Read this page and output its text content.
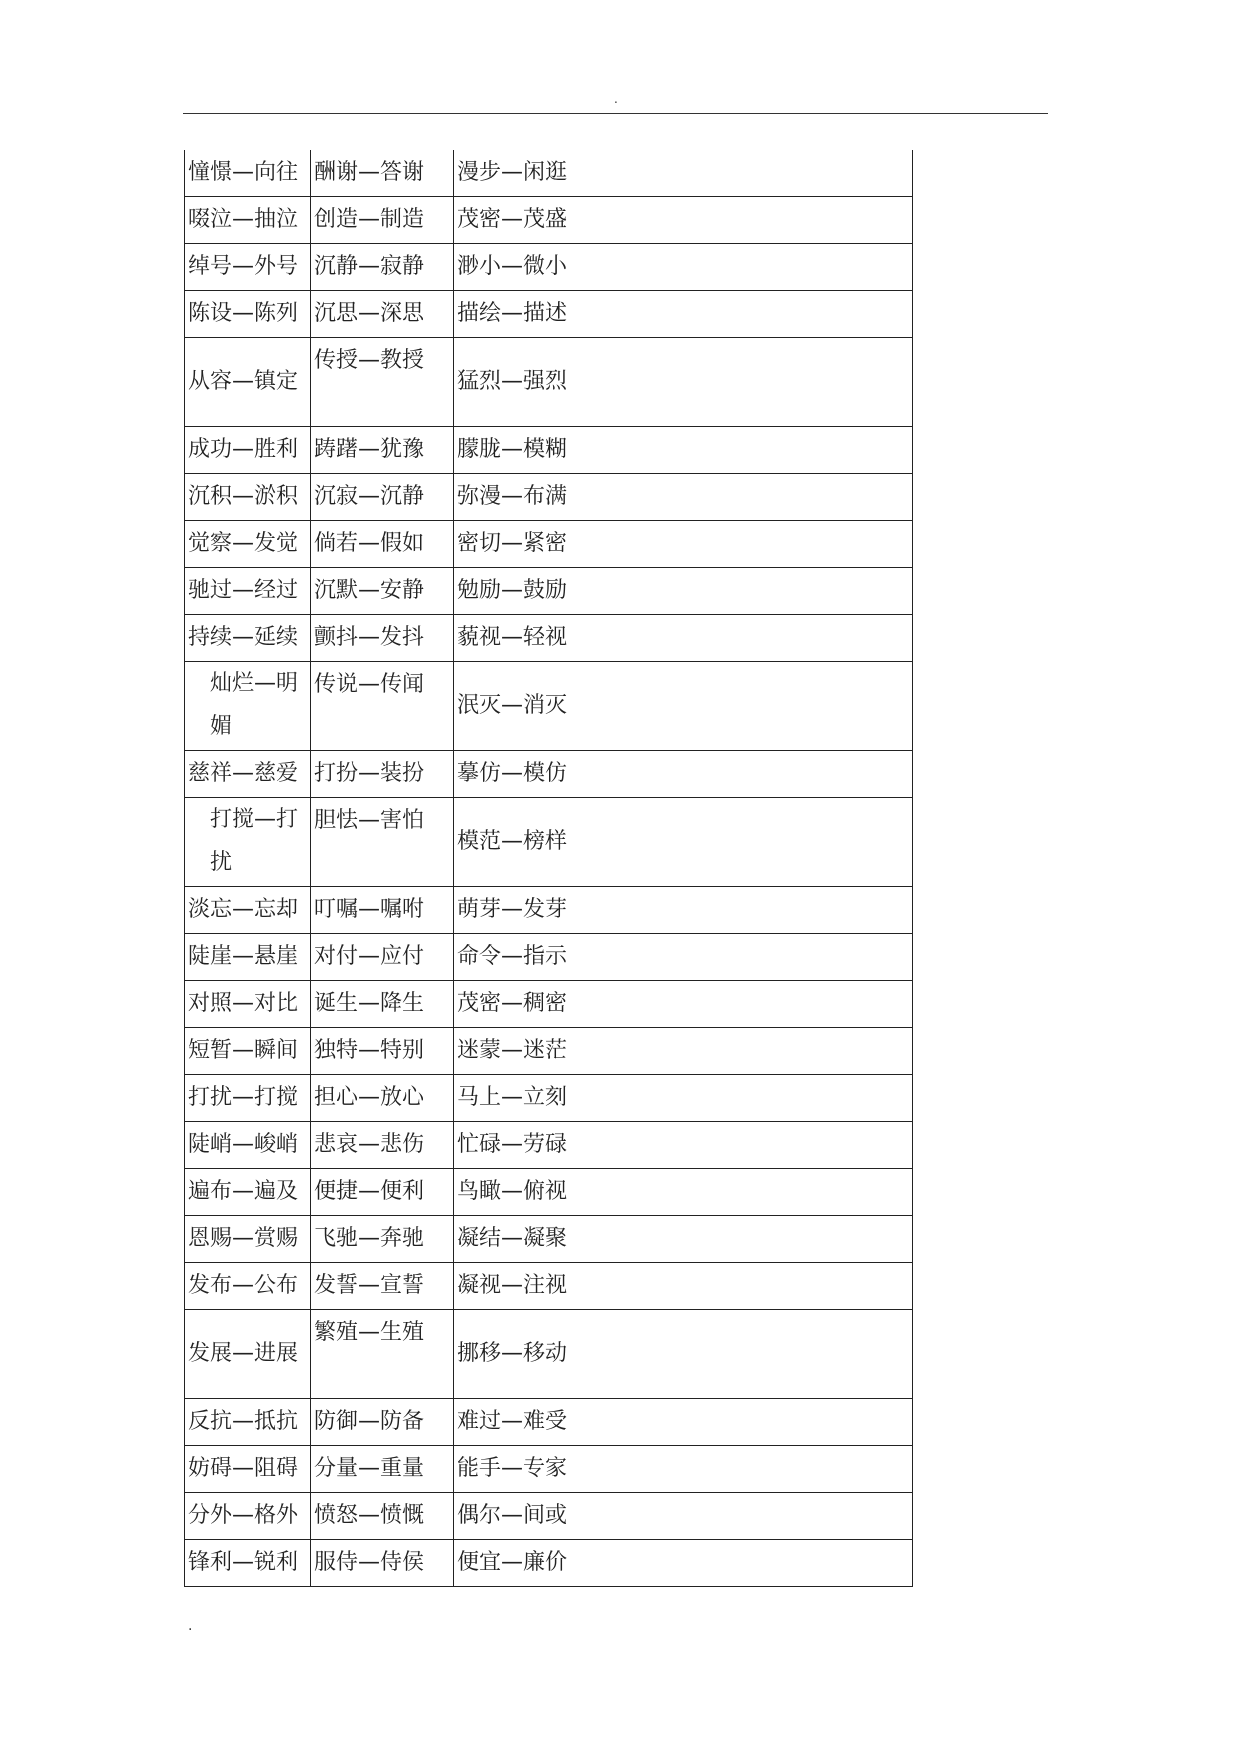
.
憧憬—向往	酬谢—答谢	漫步—闲逛
啜泣—抽泣	创造—制造	茂密—茂盛
绰号—外号	沉静—寂静	渺小—微小
陈设—陈列	沉思—深思	描绘—描述
从容—镇定	传授—教授	猛烈—强烈
成功—胜利	踌躇—犹豫	朦胧—模糊
沉积—淤积	沉寂—沉静	弥漫—布满
觉察—发觉	倘若—假如	密切—紧密
驰过—经过	沉默—安静	勉励—鼓励
持续—延续	颤抖—发抖	藐视—轻视

灿烂—明媚	传说—传闻	泯灭—消灭
慈祥—慈爱	打扮—装扮	摹仿—模仿

打搅—打扰	胆怯—害怕	模范—榜样
淡忘—忘却	叮嘱—嘱咐	萌芽—发芽
陡崖—悬崖	对付—应付	命令—指示
对照—对比	诞生—降生	茂密—稠密
短暂—瞬间	独特—特别	迷蒙—迷茫
打扰—打搅	担心—放心	马上—立刻
陡峭—峻峭	悲哀—悲伤	忙碌—劳碌
遍布—遍及	便捷—便利	鸟瞰—俯视
恩赐—赏赐	飞驰—奔驰	凝结—凝聚
发布—公布	发誓—宣誓	凝视—注视
发展—进展	繁殖—生殖	挪移—移动
反抗—抵抗	防御—防备	难过—难受
妨碍—阻碍	分量—重量	能手—专家
分外—格外	愤怒—愤慨	偶尔—间或
锋利—锐利	服侍—侍侯	便宜—廉价
.
